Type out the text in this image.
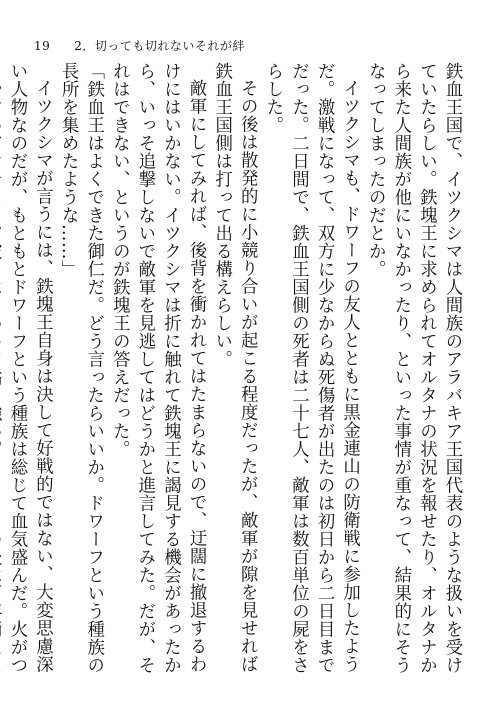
19 2．切っても切れないそれが絆

鉄血王国で、イツクシマは人間族のアラバキア王国代表のような扱いを受けていたらしい。鉄塊王に求められてオルタナの状況を報せたり、オルタナから来た人間族が他にいなかったり、といった事情が重なって、結果的にそうなってしまったのだとか。

イツクシマも、ドワーフの友人とともに黒金連山の防衛戦に参加したようだ。激戦になって、双方に少なからぬ死傷者が出たのは初日から二日目までだった。二日間で、鉄血王国側の死者は二十七人、敵軍は数百単位の屍をさらした。

その後は散発的に小競り合いが起こる程度だったが、敵軍が隙を見せれば鉄血王国側は打って出る構えらしい。

敵軍にしてみれば、後背を衝かれてはたまらないので、迂闊に撤退するわけにはいかない。イツクシマは折に触れて鉄塊王に謁見する機会があったから、いっそ追撃しないで敵軍を見逃してはどうかと進言してみた。だが、それはできない、というのが鉄塊王の答えだった。

「鉄血王はよくできた御仁だ。どう言ったらいいか。ドワーフという種族の長所を集めたような……」

イツクシマが言うには、鉄塊王自身は決して好戦的ではない、大変思慮深い人物なのだが、もともとドワーフという種族は総じて血気盛んだ。火がつ
